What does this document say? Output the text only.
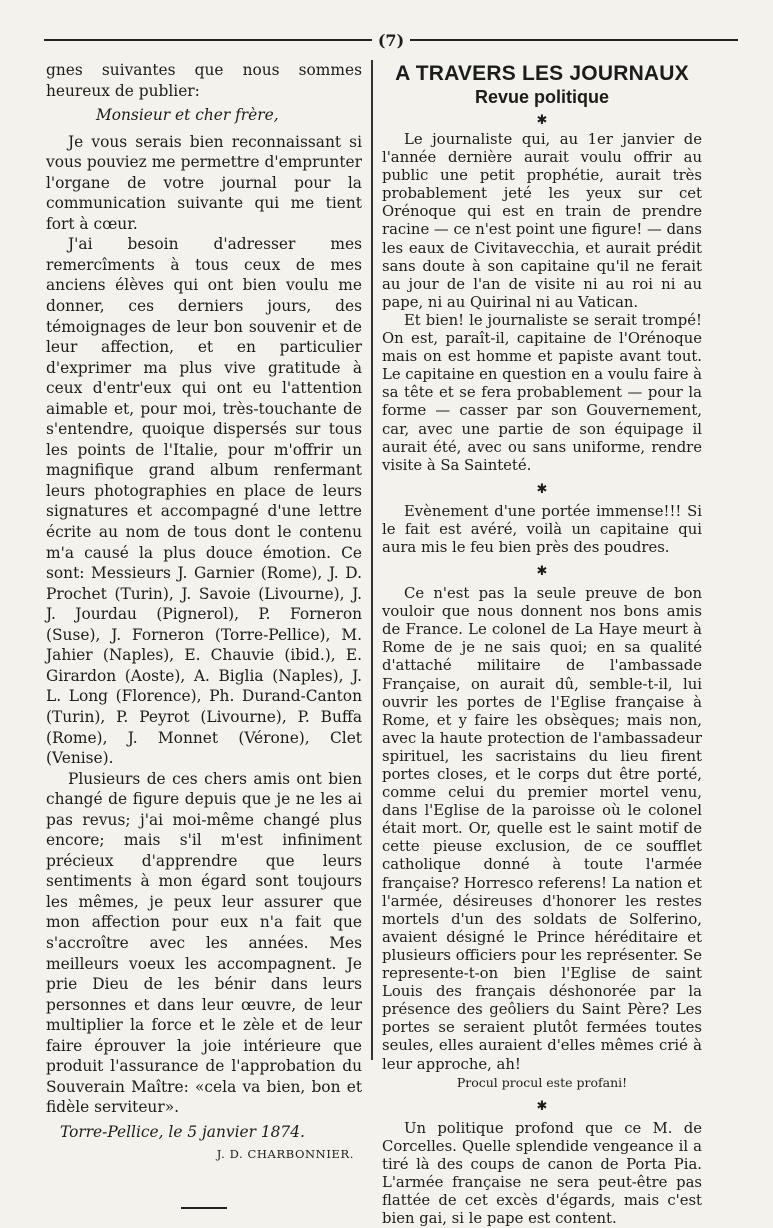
(7)

gnes suivantes que nous sommes heureux de publier:

Monsieur et cher frère,

Je vous serais bien reconnaissant si vous pouviez me permettre d'emprunter l'organe de votre journal pour la communication suivante qui me tient fort à cœur.

J'ai besoin d'adresser mes remercîments à tous ceux de mes anciens élèves qui ont bien voulu me donner, ces derniers jours, des témoignages de leur bon souvenir et de leur affection, et en particulier d'exprimer ma plus vive gratitude à ceux d'entr'eux qui ont eu l'attention aimable et, pour moi, très-touchante de s'entendre, quoique dispersés sur tous les points de l'Italie, pour m'offrir un magnifique grand album renfermant leurs photographies en place de leurs signatures et accompagné d'une lettre écrite au nom de tous dont le contenu m'a causé la plus douce émotion. Ce sont: Messieurs J. Garnier (Rome), J. D. Prochet (Turin), J. Savoie (Livourne), J. J. Jourdau (Pignerol), P. Forneron (Suse), J. Forneron (Torre-Pellice), M. Jahier (Naples), E. Chauvie (ibid.), E. Girardon (Aoste), A. Biglia (Naples), J. L. Long (Florence), Ph. Durand-Canton (Turin), P. Peyrot (Livourne), P. Buffa (Rome), J. Monnet (Vérone), Clet (Venise).

Plusieurs de ces chers amis ont bien changé de figure depuis que je ne les ai pas revus; j'ai moi-même changé plus encore; mais s'il m'est infiniment précieux d'apprendre que leurs sentiments à mon égard sont toujours les mêmes, je peux leur assurer que mon affection pour eux n'a fait que s'accroître avec les années. Mes meilleurs voeux les accompagnent. Je prie Dieu de les bénir dans leurs personnes et dans leur œuvre, de leur multiplier la force et le zèle et de leur faire éprouver la joie intérieure que produit l'assurance de l'approbation du Souverain Maître: «cela va bien, bon et fidèle serviteur».

Torre-Pellice, le 5 janvier 1874.

J. D. CHARBONNIER.

A TRAVERS LES JOURNAUX

Revue politique

✱

Le journaliste qui, au 1er janvier de l'année dernière aurait voulu offrir au public une petit prophétie, aurait très probablement jeté les yeux sur cet Orénoque qui est en train de prendre racine — ce n'est point une figure! — dans les eaux de Civitavecchia, et aurait prédit sans doute à son capitaine qu'il ne ferait au jour de l'an de visite ni au roi ni au pape, ni au Quirinal ni au Vatican.

Et bien! le journaliste se serait trompé! On est, paraît-il, capitaine de l'Orénoque mais on est homme et papiste avant tout. Le capitaine en question en a voulu faire à sa tête et se fera probablement — pour la forme — casser par son Gouvernement, car, avec une partie de son équipage il aurait été, avec ou sans uniforme, rendre visite à Sa Sainteté.

✱

Evènement d'une portée immense!!! Si le fait est avéré, voilà un capitaine qui aura mis le feu bien près des poudres.

✱

Ce n'est pas la seule preuve de bon vouloir que nous donnent nos bons amis de France. Le colonel de La Haye meurt à Rome de je ne sais quoi; en sa qualité d'attaché militaire de l'ambassade Française, on aurait dû, semble-t-il, lui ouvrir les portes de l'Eglise française à Rome, et y faire les obsèques; mais non, avec la haute protection de l'ambassadeur spirituel, les sacristains du lieu firent portes closes, et le corps dut être porté, comme celui du premier mortel venu, dans l'Eglise de la paroisse où le colonel était mort. Or, quelle est le saint motif de cette pieuse exclusion, de ce soufflet catholique donné à toute l'armée française? Horresco referens! La nation et l'armée, désireuses d'honorer les restes mortels d'un des soldats de Solferino, avaient désigné le Prince héréditaire et plusieurs officiers pour les représenter. Se represente-t-on bien l'Eglise de saint Louis des français déshonorée par la présence des geôliers du Saint Père? Les portes se seraient plutôt fermées toutes seules, elles auraient d'elles mêmes crié à leur approche, ah!

Procul procul este profani!

✱

Un politique profond que ce M. de Corcelles. Quelle splendide vengeance il a tiré là des coups de canon de Porta Pia. L'armée française ne sera peut-être pas flattée de cet excès d'égards, mais c'est bien gai, si le pape est content.
